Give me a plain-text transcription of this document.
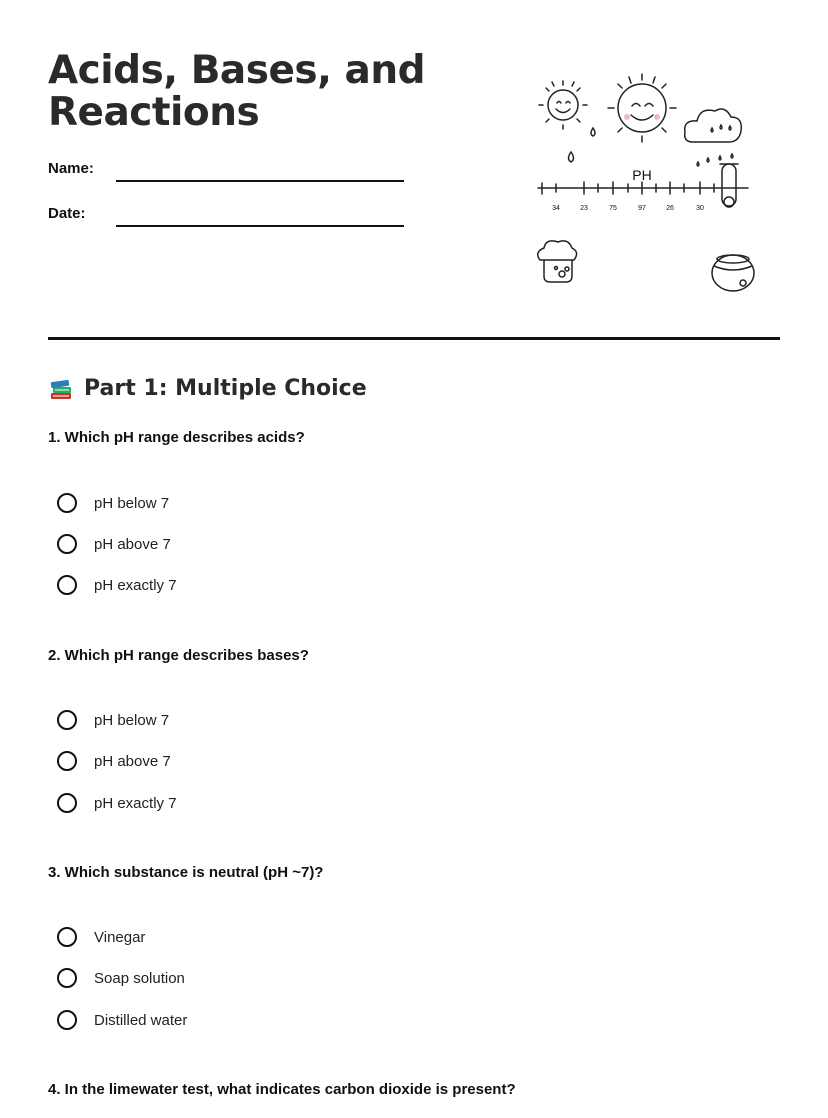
Acids, Bases, and
Reactions
Name:
Date:
PH
34	23	75	97	26	30
Part 1: Multiple Choice

1. Which pH range describes acids?

pH below 7
pH above 7
pH exactly 7

2. Which pH range describes bases?

pH below 7
pH above 7
pH exactly 7

3. Which substance is neutral (pH ~7)?

Vinegar
Soap solution
Distilled water

4. In the limewater test, what indicates carbon dioxide is present?
